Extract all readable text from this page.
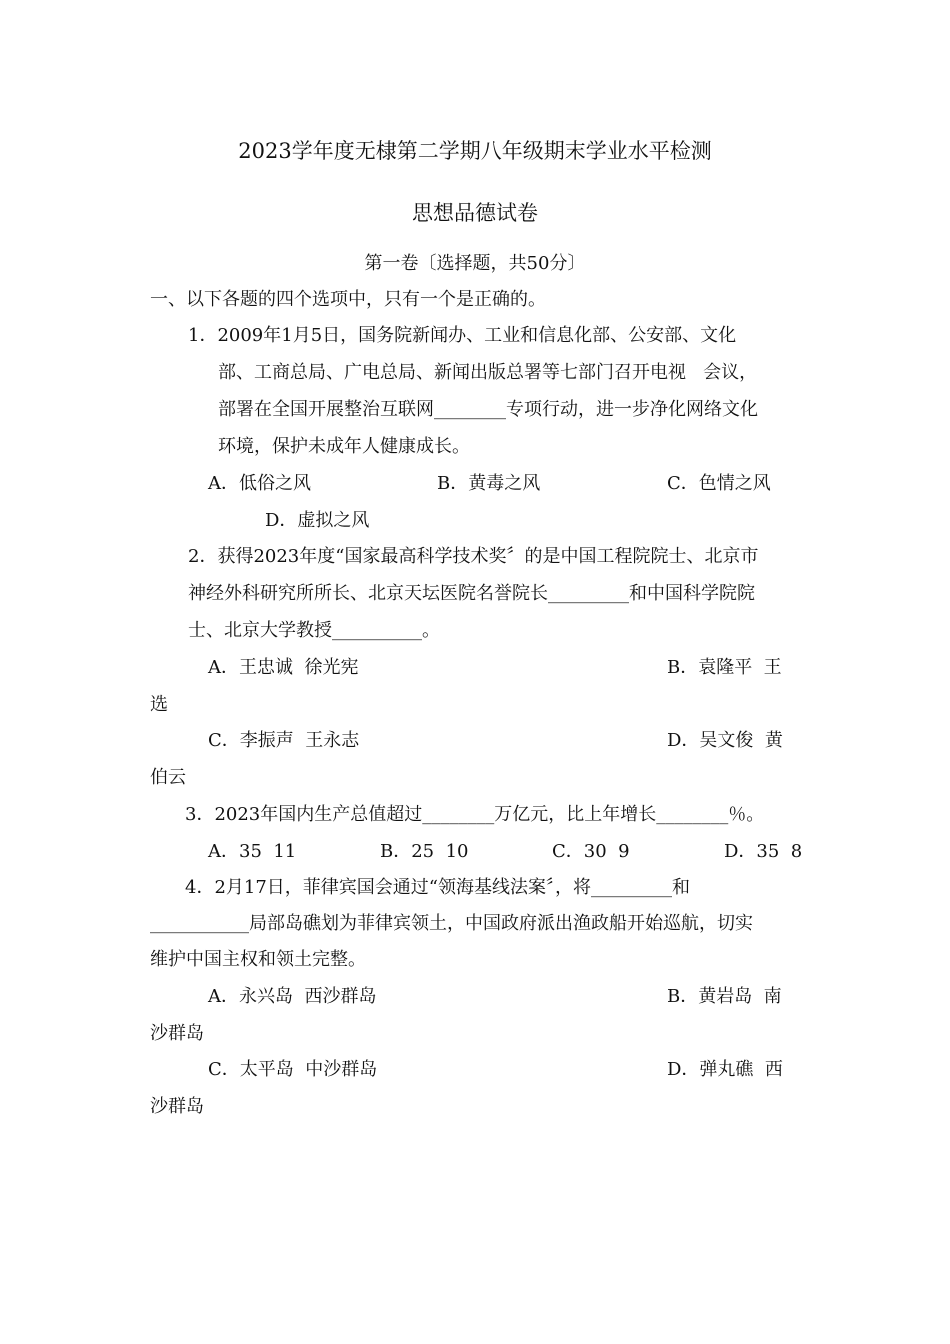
2023学年度无棣第二学期八年级期末学业水平检测
思想品德试卷
第一卷〔选择题，共50分〕
一、以下各题的四个选项中，只有一个是正确的。
1．2009年1月5日，国务院新闻办、工业和信息化部、公安部、文化
部、工商总局、广电总局、新闻出版总署等七部门召开电视   会议，
部署在全国开展整治互联网________专项行动，进一步净化网络文化
环境，保护未成年人健康成长。
A．低俗之风	B．黄毒之风	C．色情之风
D．虚拟之风
2．获得2023年度“国家最高科学技术奖〞的是中国工程院院士、北京市
神经外科研究所所长、北京天坛医院名誉院长_________和中国科学院院
士、北京大学教授__________。
A．王忠诚  徐光宪	B．袁隆平  王
选
C．李振声  王永志	D．吴文俊  黄
伯云
3．2023年国内生产总值超过________万亿元，比上年增长________％。
A．35  11	B．25  10	C．30  9	D．35  8
4．2月17日，菲律宾国会通过“领海基线法案〞，将_________和
___________局部岛礁划为菲律宾领土，中国政府派出渔政船开始巡航，切实
维护中国主权和领土完整。
A．永兴岛  西沙群岛	B．黄岩岛  南
沙群岛
C．太平岛  中沙群岛	D．弹丸礁  西
沙群岛
